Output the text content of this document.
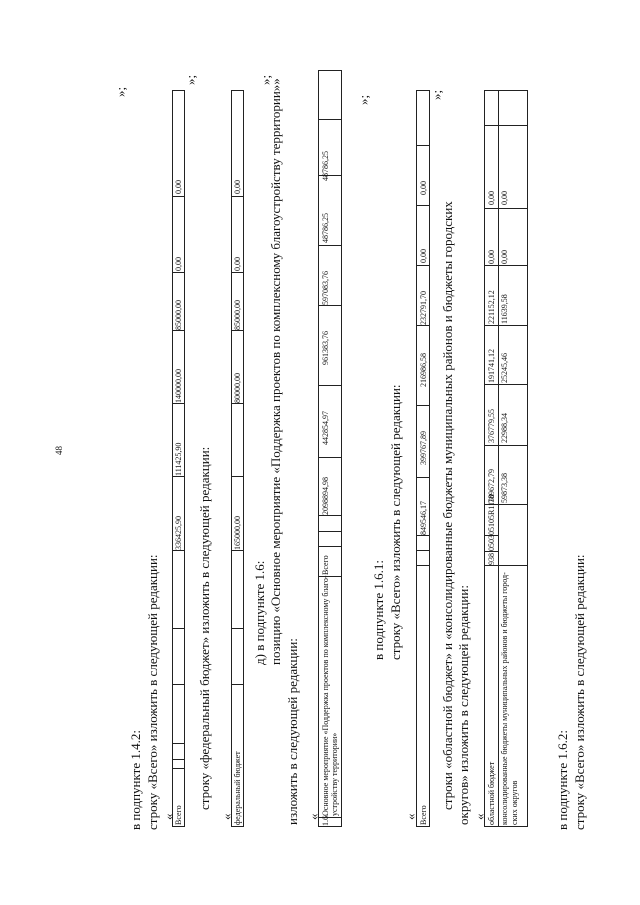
48
в подпункте 1.4.2: строку «Всего» изложить в следующей редакции: «
»;
Всего
336425,90
111425,90
140000,00
85000,00
0,00
0,00
строку «федеральный бюджет» изложить в следующей редакции:
«
»;
федеральный бюджет
165000,00
80000,00
85000,00
0,00
0,00
д) в подпункте 1.6: позицию «Основное мероприятие «Поддержка проектов по комплексному благоустройству территории»»
изложить в следующей редакции: «
»;
1.6.
Основное мероприятие «Поддержка проектов по комплексному благо- устройству территории»
Всего
2098894,98
442854,97
961383,76
597083,76
48786,25
48786,25
в подпункте 1.6.1: строку «Всего» изложить в следующей редакции:
«
»;
Всего
849546,17
399767,89
216986,58
232791,70
0,00
0,00
строки «областной бюджет» и «консолидированные бюджеты муниципальных районов и бюджеты городских округов» изложить в следующей редакции: «
»;
областной бюджет
938
0503
05105R1110
789672,79
376779,55
191741,12
221152,12
0,00
0,00
консолидированные бюджеты муниципальных районов и бюджеты город- ских округов
59873,38
22988,34
25245,46
11639,58
0,00
0,00
в подпункте 1.6.2: строку «Всего» изложить в следующей редакции:
